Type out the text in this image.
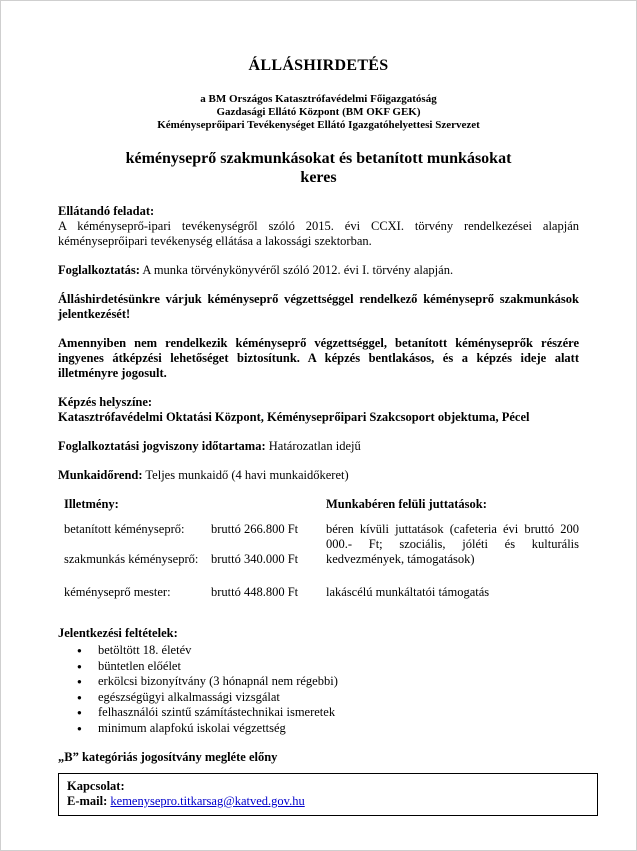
ÁLLÁSHIRDETÉS
a BM Országos Katasztrófavédelmi Főigazgatóság
Gazdasági Ellátó Központ (BM OKF GEK)
Kéményseprőipari Tevékenységet Ellátó Igazgatóhelyettesi Szervezet
kéményseprő szakmunkásokat és betanított munkásokat
keres

Ellátandó feladat:

A kéményseprő-ipari tevékenységről szóló 2015. évi CCXI. törvény rendelkezései alapján kéményseprőipari tevékenység ellátása a lakossági szektorban.

Foglalkoztatás: A munka törvénykönyvéről szóló 2012. évi I. törvény alapján.

Álláshirdetésünkre várjuk kéményseprő végzettséggel rendelkező kéményseprő szakmunkások jelentkezését!

Amennyiben nem rendelkezik kéményseprő végzettséggel, betanított kéményseprők részére ingyenes átképzési lehetőséget biztosítunk. A képzés bentlakásos, és a képzés ideje alatt illetményre jogosult.

Képzés helyszíne:

Katasztrófavédelmi Oktatási Központ, Kéményseprőipari Szakcsoport objektuma, Pécel

Foglalkoztatási jogviszony időtartama: Határozatlan idejű

Munkaidőrend: Teljes munkaidő (4 havi munkaidőkeret)

Illetmény:

betanított kéményseprő:	bruttó 266.800 Ft
szakmunkás kéményseprő:	bruttó 340.000 Ft
kéményseprő mester:	bruttó 448.800 Ft

Munkabéren felüli juttatások:

béren kívüli juttatások (cafeteria évi bruttó 200 000.- Ft; szociális, jóléti és kulturális kedvezmények, támogatások)

lakáscélú munkáltatói támogatás

Jelentkezési feltételek:

● betöltött 18. életév
● büntetlen előélet
● erkölcsi bizonyítvány (3 hónapnál nem régebbi)
● egészségügyi alkalmassági vizsgálat
● felhasználói szintű számítástechnikai ismeretek
● minimum alapfokú iskolai végzettség

„B” kategóriás jogosítvány megléte előny

Kapcsolat:

E-mail: kemenysepro.titkarsag@katved.gov.hu
